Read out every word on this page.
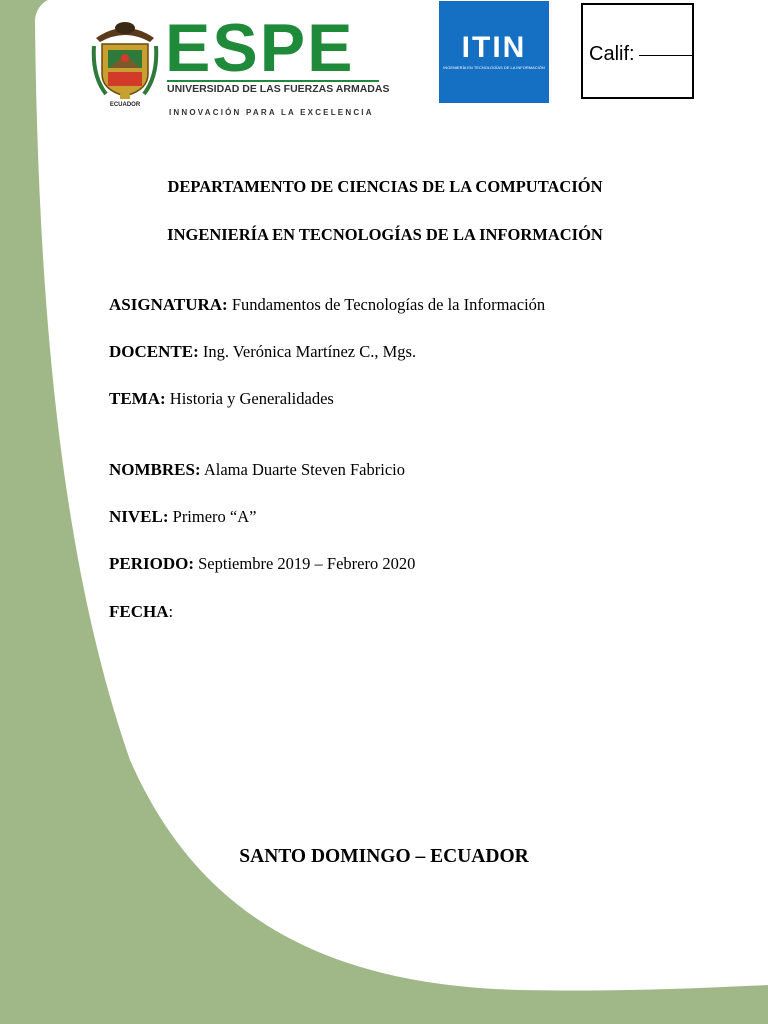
ECUADOR
ESPE
UNIVERSIDAD DE LAS FUERZAS ARMADAS
INNOVACIÓN PARA LA EXCELENCIA
ITIN
INGENIERÍA EN TECNOLOGÍAS DE LA INFORMACIÓN
Calif:
DEPARTAMENTO DE CIENCIAS DE LA COMPUTACIÓN
INGENIERÍA EN TECNOLOGÍAS DE LA INFORMACIÓN
ASIGNATURA: Fundamentos de Tecnologías de la Información
DOCENTE: Ing. Verónica Martínez C., Mgs.
TEMA: Historia y Generalidades
NOMBRES: Alama Duarte Steven Fabricio
NIVEL: Primero “A”
PERIODO: Septiembre 2019 – Febrero 2020
FECHA:
SANTO DOMINGO – ECUADOR
